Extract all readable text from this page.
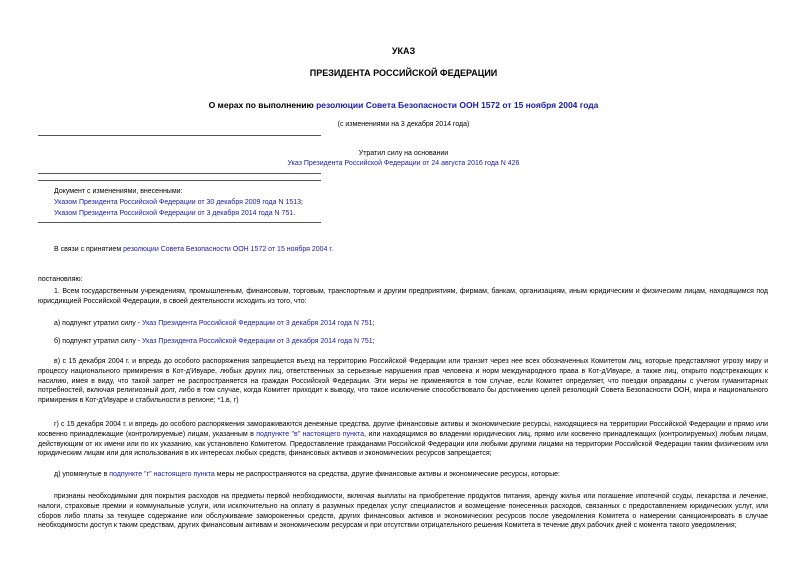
УКАЗ
ПРЕЗИДЕНТА РОССИЙСКОЙ ФЕДЕРАЦИИ
О мерах по выполнению резолюции Совета Безопасности ООН 1572 от 15 ноября 2004 года
(с изменениями на 3 декабря 2014 года)
Утратил силу на основании
Указ Президента Российской Федерации от 24 августа 2016 года N 426
Документ с изменениями, внесенными:
Указом Президента Российской Федерации от 30 декабря 2009 года N 1513;
Указом Президента Российской Федерации от 3 декабря 2014 года N 751.
В связи с принятием резолюции Совета Безопасности ООН 1572 от 15 ноября 2004 г.
постановляю:
1. Всем государственным учреждениям, промышленным, финансовым, торговым, транспортным и другим предприятиям, фирмам, банкам, организациям, иным юридическим и физическим лицам, находящимся под юрисдикцией Российской Федерации, в своей деятельности исходить из того, что:
а) подпункт утратил силу - Указ Президента Российской Федерации от 3 декабря 2014 года N 751;
б) подпункт утратил силу - Указ Президента Российской Федерации от 3 декабря 2014 года N 751;
в) с 15 декабря 2004 г. и впредь до особого распоряжения запрещается въезд на территорию Российской Федерации или транзит через нее всех обозначенных Комитетом лиц, которые представляют угрозу миру и процессу национального примирения в Кот-д'Ивуаре, любых других лиц, ответственных за серьезные нарушения прав человека и норм международного права в Кот-д'Ивуаре, а также лиц, открыто подстрекающих к насилию, имея в виду, что такой запрет не распространяется на граждан Российской Федерации. Эти меры не применяются в том случае, если Комитет определяет, что поездки оправданы с учетом гуманитарных потребностей, включая религиозный долг, либо в том случае, когда Комитет приходит к выводу, что такое исключение способствовало бы достижению целей резолюций Совета Безопасности ООН, мира и национального примирения в Кот-д'Ивуаре и стабильности в регионе; *1.в, г)
г) с 15 декабря 2004 г. и впредь до особого распоряжения замораживаются денежные средства, другие финансовые активы и экономические ресурсы, находящиеся на территории Российской Федерации и прямо или косвенно принадлежащие (контролируемые) лицам, указанным в подпункте "в" настоящего пункта, или находящимся во владении юридических лиц, прямо или косвенно принадлежащих (контролируемых) любым лицам, действующим от их имени или по их указанию, как установлено Комитетом. Предоставление гражданами Российской Федерации или любыми другими лицами на территории Российской Федерации таким физическим или юридическим лицам или для использования в их интересах любых средств, финансовых активов и экономических ресурсов запрещается;
д) упомянутые в подпункте "г" настоящего пункта меры не распространяются на средства, другие финансовые активы и экономические ресурсы, которые:
признаны необходимыми для покрытия расходов на предметы первой необходимости, включая выплаты на приобретение продуктов питания, аренду жилья или погашение ипотечной ссуды, лекарства и лечение, налоги, страховые премии и коммунальные услуги, или исключительно на оплату в разумных пределах услуг специалистов и возмещение понесенных расходов, связанных с предоставлением юридических услуг, или сборов либо платы за текущее содержание или обслуживание замороженных средств, других финансовых активов и экономических ресурсов после уведомления Комитета о намерении санкционировать в случае необходимости доступ к таким средствам, других финансовым активам и экономическим ресурсам и при отсутствии отрицательного решения Комитета в течение двух рабочих дней с момента такого уведомления;
